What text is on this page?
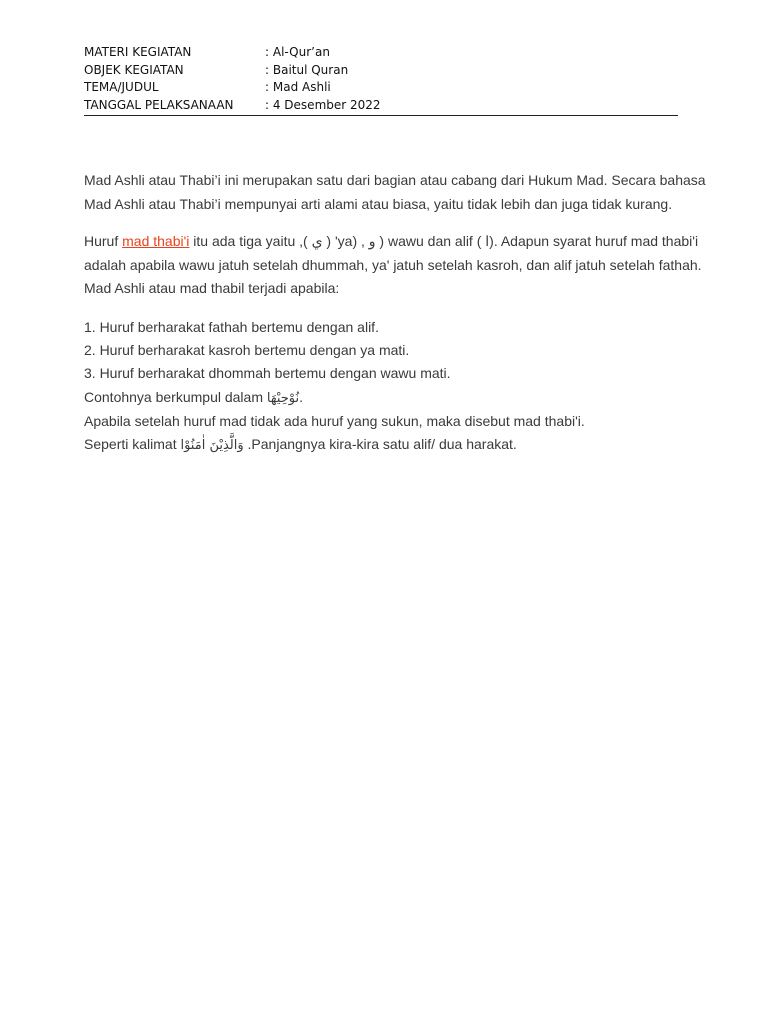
MATERI KEGIATAN	: Al-Qur’an
OBJEK KEGIATAN	: Baitul Quran
TEMA/JUDUL	: Mad Ashli
TANGGAL PELAKSANAAN	: 4 Desember 2022
Mad Ashli atau Thabi’i ini merupakan satu dari bagian atau cabang dari Hukum Mad. Secara bahasa
Mad Ashli atau Thabi’i mempunyai arti alami atau biasa, yaitu tidak lebih dan juga tidak kurang.
Huruf mad thabi'i itu ada tiga yaitu ,( ي ) 'ya) , و ) wawu dan alif ( ا). Adapun syarat huruf mad thabi'i
adalah apabila wawu jatuh setelah dhummah, ya' jatuh setelah kasroh, dan alif jatuh setelah fathah.
Mad Ashli atau mad thabil terjadi apabila:
1. Huruf berharakat fathah bertemu dengan alif.
2. Huruf berharakat kasroh bertemu dengan ya mati.
3. Huruf berharakat dhommah bertemu dengan wawu mati.
Contohnya berkumpul dalam نُوْحِيْهَا.
Apabila setelah huruf mad tidak ada huruf yang sukun, maka disebut mad thabi'i.
Seperti kalimat وَالَّذِيْنَ اٰمَنُوْا .Panjangnya kira-kira satu alif/ dua harakat.
